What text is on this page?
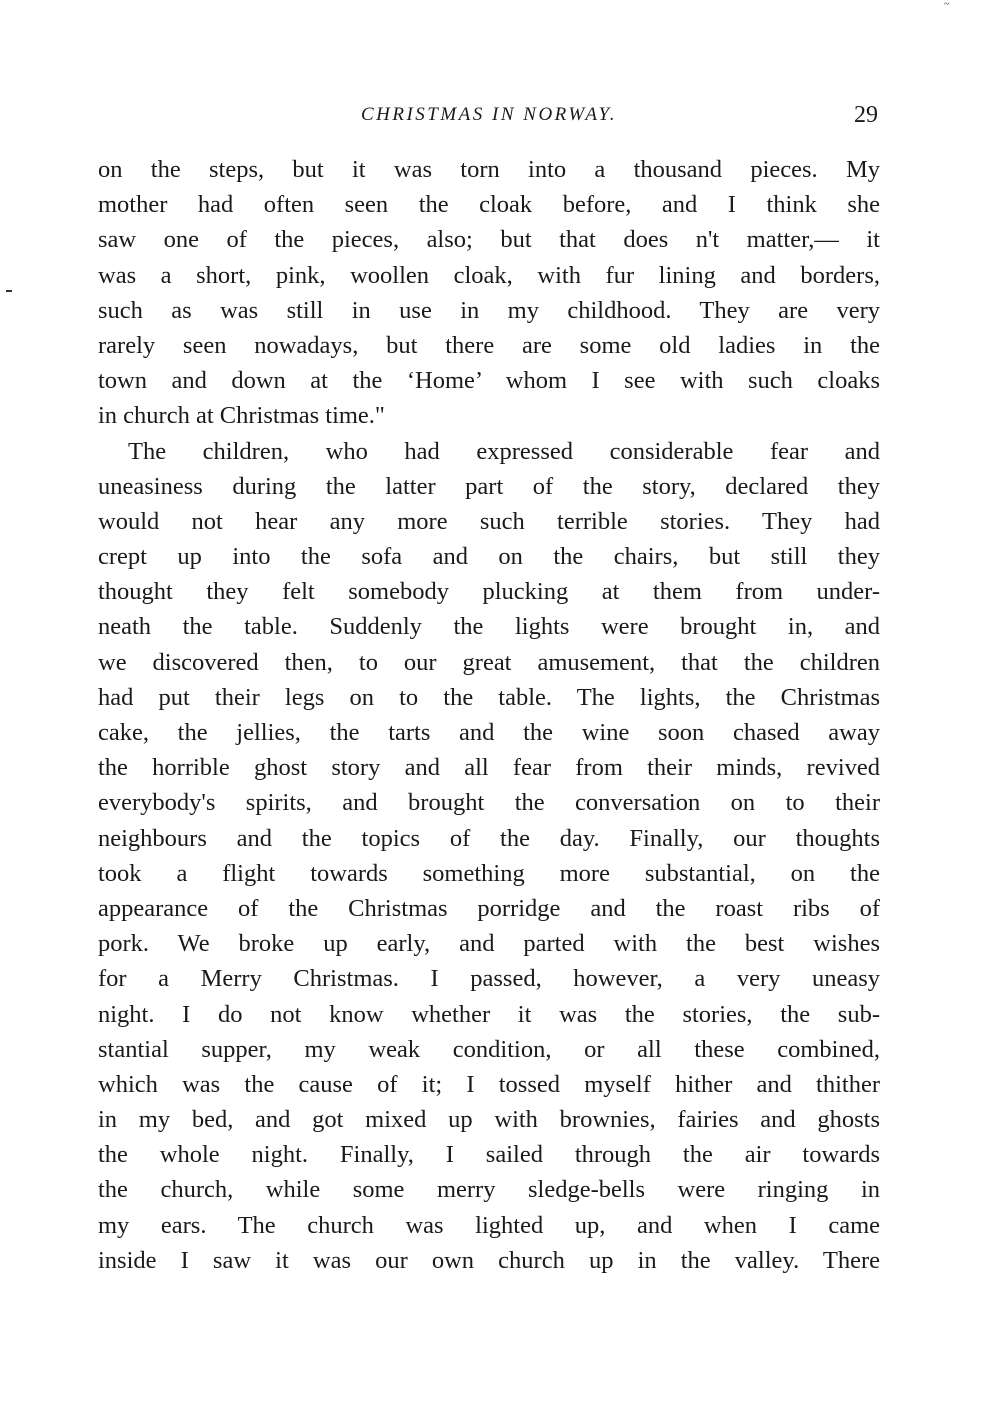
~
CHRISTMAS IN NORWAY.	29
on the steps, but it was torn into a thousand pieces. My
mother had often seen the cloak before, and I think she
saw one of the pieces, also; but that does n't matter,— it
was a short, pink, woollen cloak, with fur lining and borders,
such as was still in use in my childhood. They are very
rarely seen nowadays, but there are some old ladies in the
town and down at the ‘Home’ whom I see with such cloaks
in church at Christmas time."
The children, who had expressed considerable fear and
uneasiness during the latter part of the story, declared they
would not hear any more such terrible stories. They had
crept up into the sofa and on the chairs, but still they
thought they felt somebody plucking at them from under-
neath the table. Suddenly the lights were brought in, and
we discovered then, to our great amusement, that the children
had put their legs on to the table. The lights, the Christmas
cake, the jellies, the tarts and the wine soon chased away
the horrible ghost story and all fear from their minds, revived
everybody's spirits, and brought the conversation on to their
neighbours and the topics of the day. Finally, our thoughts
took a flight towards something more substantial, on the
appearance of the Christmas porridge and the roast ribs of
pork. We broke up early, and parted with the best wishes
for a Merry Christmas. I passed, however, a very uneasy
night. I do not know whether it was the stories, the sub-
stantial supper, my weak condition, or all these combined,
which was the cause of it; I tossed myself hither and thither
in my bed, and got mixed up with brownies, fairies and ghosts
the whole night. Finally, I sailed through the air towards
the church, while some merry sledge-bells were ringing in
my ears. The church was lighted up, and when I came
inside I saw it was our own church up in the valley. There
